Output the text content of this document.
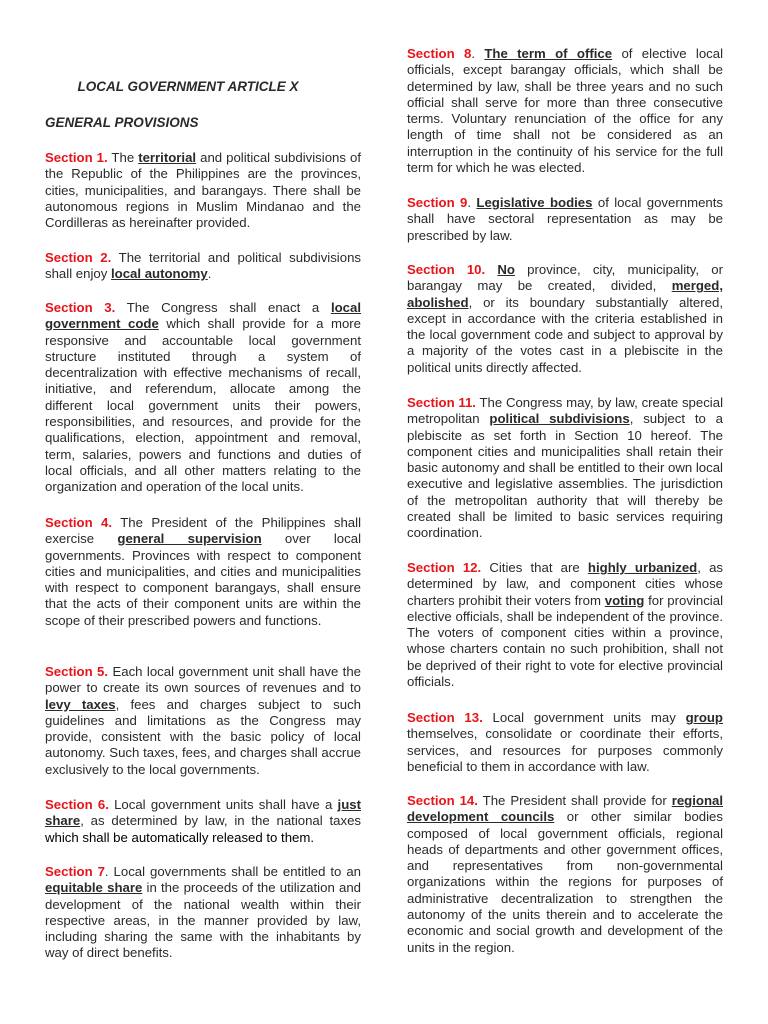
LOCAL GOVERNMENT ARTICLE X
GENERAL PROVISIONS

Section 1. The territorial and political subdivisions of the Republic of the Philippines are the provinces, cities, municipalities, and barangays. There shall be autonomous regions in Muslim Mindanao and the Cordilleras as hereinafter provided.

Section 2. The territorial and political subdivisions shall enjoy local autonomy.

Section 3. The Congress shall enact a local government code which shall provide for a more responsive and accountable local government structure instituted through a system of decentralization with effective mechanisms of recall, initiative, and referendum, allocate among the different local government units their powers, responsibilities, and resources, and provide for the qualifications, election, appointment and removal, term, salaries, powers and functions and duties of local officials, and all other matters relating to the organization and operation of the local units.

Section 4. The President of the Philippines shall exercise general supervision over local governments. Provinces with respect to component cities and municipalities, and cities and municipalities with respect to component barangays, shall ensure that the acts of their component units are within the scope of their prescribed powers and functions.

Section 5. Each local government unit shall have the power to create its own sources of revenues and to levy taxes, fees and charges subject to such guidelines and limitations as the Congress may provide, consistent with the basic policy of local autonomy. Such taxes, fees, and charges shall accrue exclusively to the local governments.

Section 6. Local government units shall have a just share, as determined by law, in the national taxes which shall be automatically released to them.

Section 7. Local governments shall be entitled to an equitable share in the proceeds of the utilization and development of the national wealth within their respective areas, in the manner provided by law, including sharing the same with the inhabitants by way of direct benefits.

Section 8. The term of office of elective local officials, except barangay officials, which shall be determined by law, shall be three years and no such official shall serve for more than three consecutive terms. Voluntary renunciation of the office for any length of time shall not be considered as an interruption in the continuity of his service for the full term for which he was elected.

Section 9. Legislative bodies of local governments shall have sectoral representation as may be prescribed by law.

Section 10. No province, city, municipality, or barangay may be created, divided, merged, abolished, or its boundary substantially altered, except in accordance with the criteria established in the local government code and subject to approval by a majority of the votes cast in a plebiscite in the political units directly affected.

Section 11. The Congress may, by law, create special metropolitan political subdivisions, subject to a plebiscite as set forth in Section 10 hereof. The component cities and municipalities shall retain their basic autonomy and shall be entitled to their own local executive and legislative assemblies. The jurisdiction of the metropolitan authority that will thereby be created shall be limited to basic services requiring coordination.

Section 12. Cities that are highly urbanized, as determined by law, and component cities whose charters prohibit their voters from voting for provincial elective officials, shall be independent of the province. The voters of component cities within a province, whose charters contain no such prohibition, shall not be deprived of their right to vote for elective provincial officials.

Section 13. Local government units may group themselves, consolidate or coordinate their efforts, services, and resources for purposes commonly beneficial to them in accordance with law.

Section 14. The President shall provide for regional development councils or other similar bodies composed of local government officials, regional heads of departments and other government offices, and representatives from non-governmental organizations within the regions for purposes of administrative decentralization to strengthen the autonomy of the units therein and to accelerate the economic and social growth and development of the units in the region.
